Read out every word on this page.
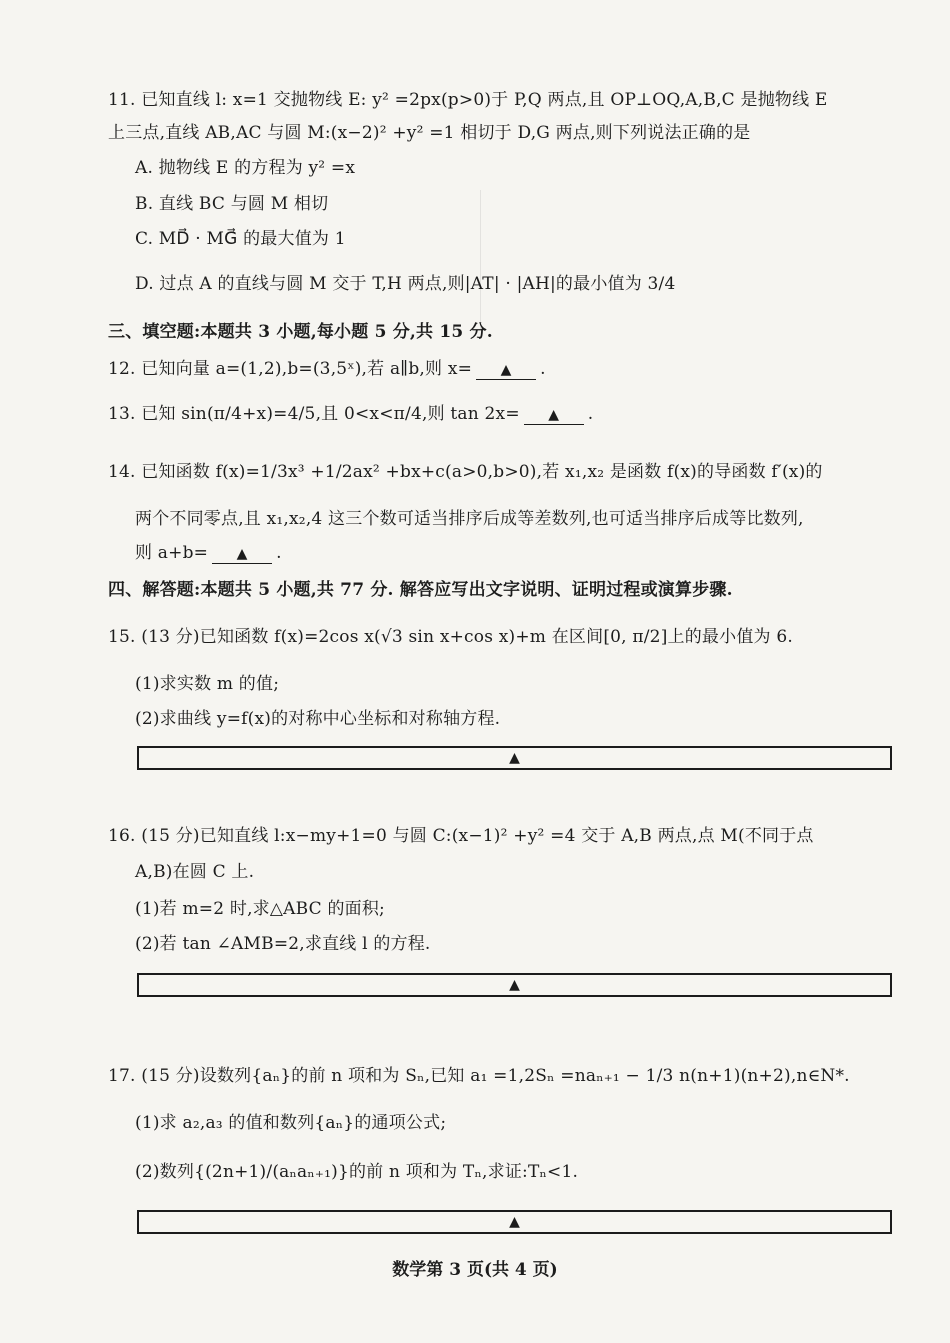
11. 已知直线 l: x=1 交抛物线 E: y² =2px(p>0)于 P,Q 两点,且 OP⊥OQ,A,B,C 是抛物线 E
上三点,直线 AB,AC 与圆 M:(x−2)² +y² =1 相切于 D,G 两点,则下列说法正确的是
A. 抛物线 E 的方程为 y² =x
B. 直线 BC 与圆 M 相切
C. MD⃗ · MG⃗ 的最大值为 1
D. 过点 A 的直线与圆 M 交于 T,H 两点,则|AT| · |AH|的最小值为 3/4
三、填空题:本题共 3 小题,每小题 5 分,共 15 分.
12. 已知向量 a=(1,2),b=(3,5ˣ),若 a∥b,则 x= ▲ .
13. 已知 sin(π/4+x)=4/5,且 0<x<π/4,则 tan 2x= ▲ .
14. 已知函数 f(x)=1/3x³ +1/2ax² +bx+c(a>0,b>0),若 x₁,x₂ 是函数 f(x)的导函数 f′(x)的
两个不同零点,且 x₁,x₂,4 这三个数可适当排序后成等差数列,也可适当排序后成等比数列,
则 a+b= ▲ .
四、解答题:本题共 5 小题,共 77 分. 解答应写出文字说明、证明过程或演算步骤.
15. (13 分)已知函数 f(x)=2cos x(√3 sin x+cos x)+m 在区间[0, π/2]上的最小值为 6.
(1)求实数 m 的值;
(2)求曲线 y=f(x)的对称中心坐标和对称轴方程.
▲
16. (15 分)已知直线 l:x−my+1=0 与圆 C:(x−1)² +y² =4 交于 A,B 两点,点 M(不同于点
A,B)在圆 C 上.
(1)若 m=2 时,求△ABC 的面积;
(2)若 tan ∠AMB=2,求直线 l 的方程.
▲
17. (15 分)设数列{aₙ}的前 n 项和为 Sₙ,已知 a₁ =1,2Sₙ =naₙ₊₁ − 1/3 n(n+1)(n+2),n∈N*.
(1)求 a₂,a₃ 的值和数列{aₙ}的通项公式;
(2)数列{(2n+1)/(aₙaₙ₊₁)}的前 n 项和为 Tₙ,求证:Tₙ<1.
▲
数学第 3 页(共 4 页)
